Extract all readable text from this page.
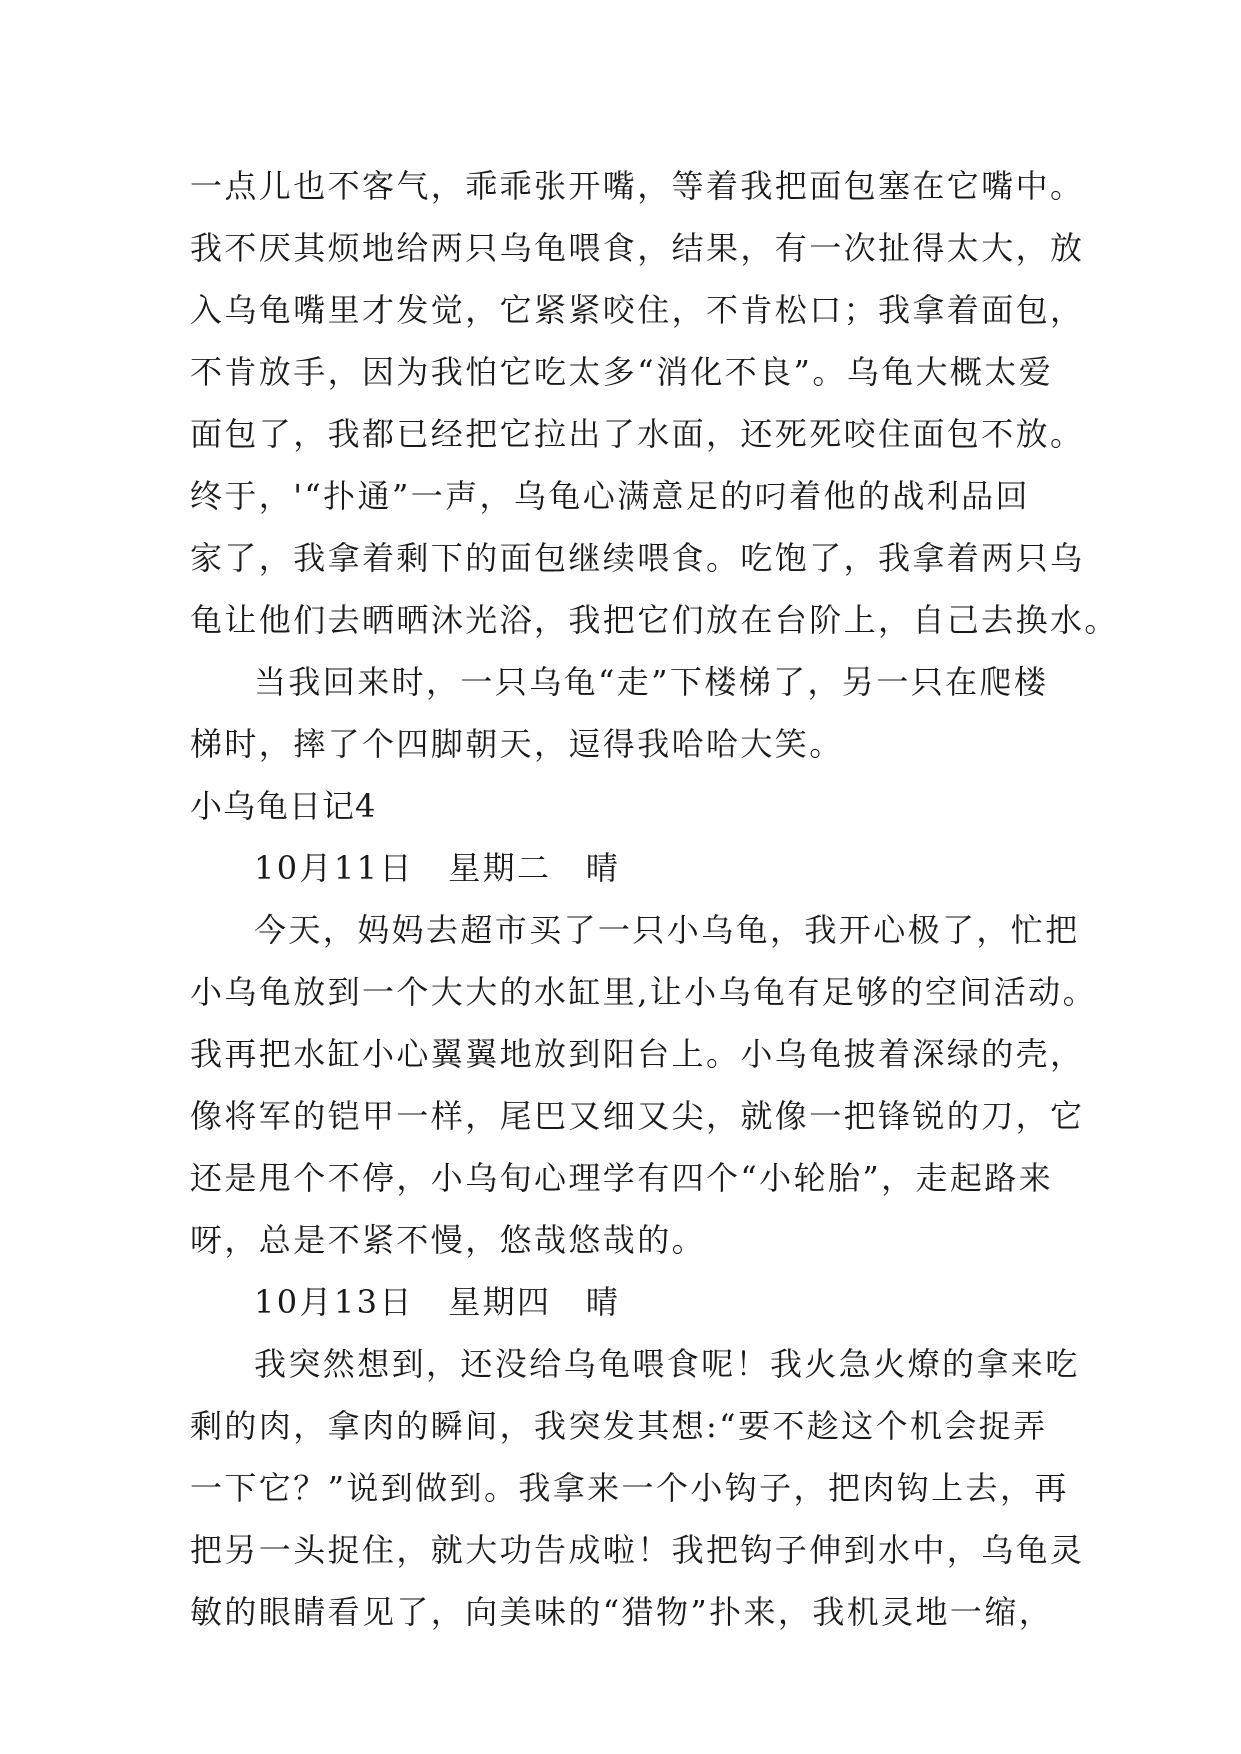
一点儿也不客气，乖乖张开嘴，等着我把面包塞在它嘴中。
我不厌其烦地给两只乌龟喂食，结果，有一次扯得太大，放
入乌龟嘴里才发觉，它紧紧咬住，不肯松口；我拿着面包，
不肯放手，因为我怕它吃太多“消化不良”。乌龟大概太爱
面包了，我都已经把它拉出了水面，还死死咬住面包不放。
终于，'“扑通”一声，乌龟心满意足的叼着他的战利品回
家了，我拿着剩下的面包继续喂食。吃饱了，我拿着两只乌
龟让他们去晒晒沐光浴，我把它们放在台阶上，自己去换水。
当我回来时，一只乌龟“走”下楼梯了，另一只在爬楼
梯时，摔了个四脚朝天，逗得我哈哈大笑。
小乌龟日记4
10月11日　星期二　晴
今天，妈妈去超市买了一只小乌龟，我开心极了，忙把
小乌龟放到一个大大的水缸里,让小乌龟有足够的空间活动。
我再把水缸小心翼翼地放到阳台上。小乌龟披着深绿的壳，
像将军的铠甲一样，尾巴又细又尖，就像一把锋锐的刀，它
还是甩个不停，小乌旬心理学有四个“小轮胎”，走起路来
呀，总是不紧不慢，悠哉悠哉的。
10月13日　星期四　晴
我突然想到，还没给乌龟喂食呢！我火急火燎的拿来吃
剩的肉，拿肉的瞬间，我突发其想:“要不趁这个机会捉弄
一下它？”说到做到。我拿来一个小钩子，把肉钩上去，再
把另一头捉住，就大功告成啦！我把钩子伸到水中，乌龟灵
敏的眼睛看见了，向美味的“猎物”扑来，我机灵地一缩，
